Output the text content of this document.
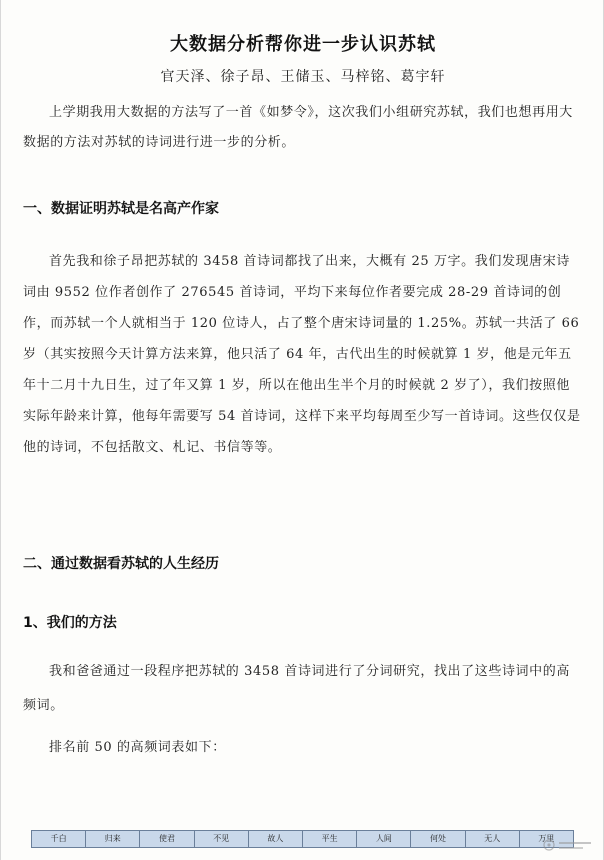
大数据分析帮你进一步认识苏轼
官天泽、徐子昂、王储玉、马梓铭、葛宇轩

上学期我用大数据的方法写了一首《如梦令》，这次我们小组研究苏轼，我们也想再用大数据的方法对苏轼的诗词进行进一步的分析。

一、数据证明苏轼是名高产作家

首先我和徐子昂把苏轼的 3458 首诗词都找了出来，大概有 25 万字。我们发现唐宋诗词由 9552 位作者创作了 276545 首诗词，平均下来每位作者要完成 28-29 首诗词的创作，而苏轼一个人就相当于 120 位诗人，占了整个唐宋诗词量的 1.25%。苏轼一共活了 66 岁（其实按照今天计算方法来算，他只活了 64 年，古代出生的时候就算 1 岁，他是元年五年十二月十九日生，过了年又算 1 岁，所以在他出生半个月的时候就 2 岁了），我们按照他实际年龄来计算，他每年需要写 54 首诗词，这样下来平均每周至少写一首诗词。这些仅仅是他的诗词，不包括散文、札记、书信等等。

二、通过数据看苏轼的人生经历
1、我们的方法

我和爸爸通过一段程序把苏轼的 3458 首诗词进行了分词研究，找出了这些诗词中的高频词。

排名前 50 的高频词表如下：

千白	归来	使君	不见	故人	平生	人间	何处	无人	万里
